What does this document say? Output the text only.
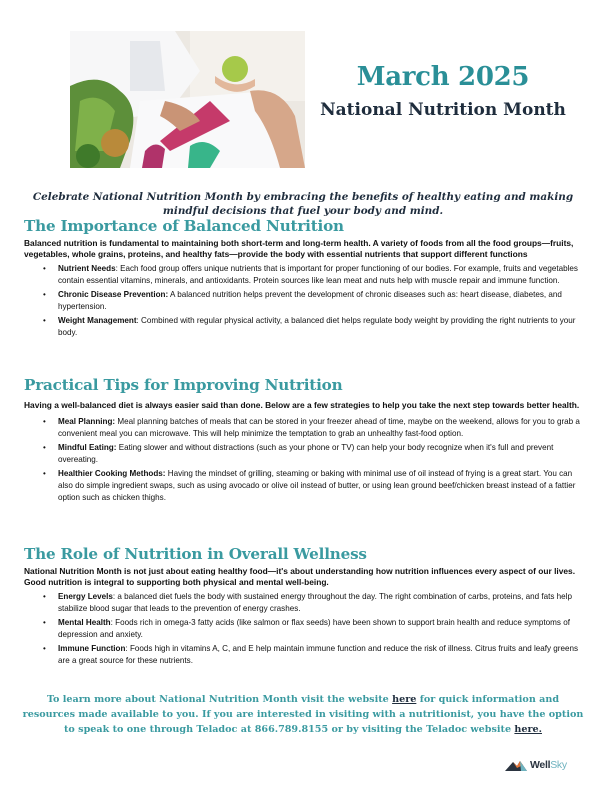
March 2025
National Nutrition Month
Celebrate National Nutrition Month by embracing the benefits of healthy eating and making mindful decisions that fuel your body and mind.
The Importance of Balanced Nutrition

Balanced nutrition is fundamental to maintaining both short-term and long-term health. A variety of foods from all the food groups—fruits, vegetables, whole grains, proteins, and healthy fats—provide the body with essential nutrients that support different functions

• Nutrient Needs: Each food group offers unique nutrients that is important for proper functioning of our bodies. For example, fruits and vegetables contain essential vitamins, minerals, and antioxidants. Protein sources like lean meat and nuts help with muscle repair and immune function.
• Chronic Disease Prevention: A balanced nutrition helps prevent the development of chronic diseases such as: heart disease, diabetes, and hypertension.
• Weight Management: Combined with regular physical activity, a balanced diet helps regulate body weight by providing the right nutrients to your body.
Practical Tips for Improving Nutrition

Having a well-balanced diet is always easier said than done. Below are a few strategies to help you take the next step towards better health.

• Meal Planning: Meal planning batches of meals that can be stored in your freezer ahead of time, maybe on the weekend, allows for you to grab a convenient meal you can microwave. This will help minimize the temptation to grab an unhealthy fast-food option.
• Mindful Eating: Eating slower and without distractions (such as your phone or TV) can help your body recognize when it's full and prevent overeating.
• Healthier Cooking Methods: Having the mindset of grilling, steaming or baking with minimal use of oil instead of frying is a great start. You can also do simple ingredient swaps, such as using avocado or olive oil instead of butter, or using lean ground beef/chicken breast instead of a fattier option such as chicken thighs.
The Role of Nutrition in Overall Wellness

National Nutrition Month is not just about eating healthy food—it's about understanding how nutrition influences every aspect of our lives. Good nutrition is integral to supporting both physical and mental well-being.

• Energy Levels: a balanced diet fuels the body with sustained energy throughout the day. The right combination of carbs, proteins, and fats help stabilize blood sugar that leads to the prevention of energy crashes.
• Mental Health: Foods rich in omega-3 fatty acids (like salmon or flax seeds) have been shown to support brain health and reduce symptoms of depression and anxiety.
• Immune Function: Foods high in vitamins A, C, and E help maintain immune function and reduce the risk of illness. Citrus fruits and leafy greens are a great source for these nutrients.
To learn more about National Nutrition Month visit the website here for quick information and resources made available to you. If you are interested in visiting with a nutritionist, you have the option to speak to one through Teladoc at 866.789.8155 or by visiting the Teladoc website here.
WellSky
